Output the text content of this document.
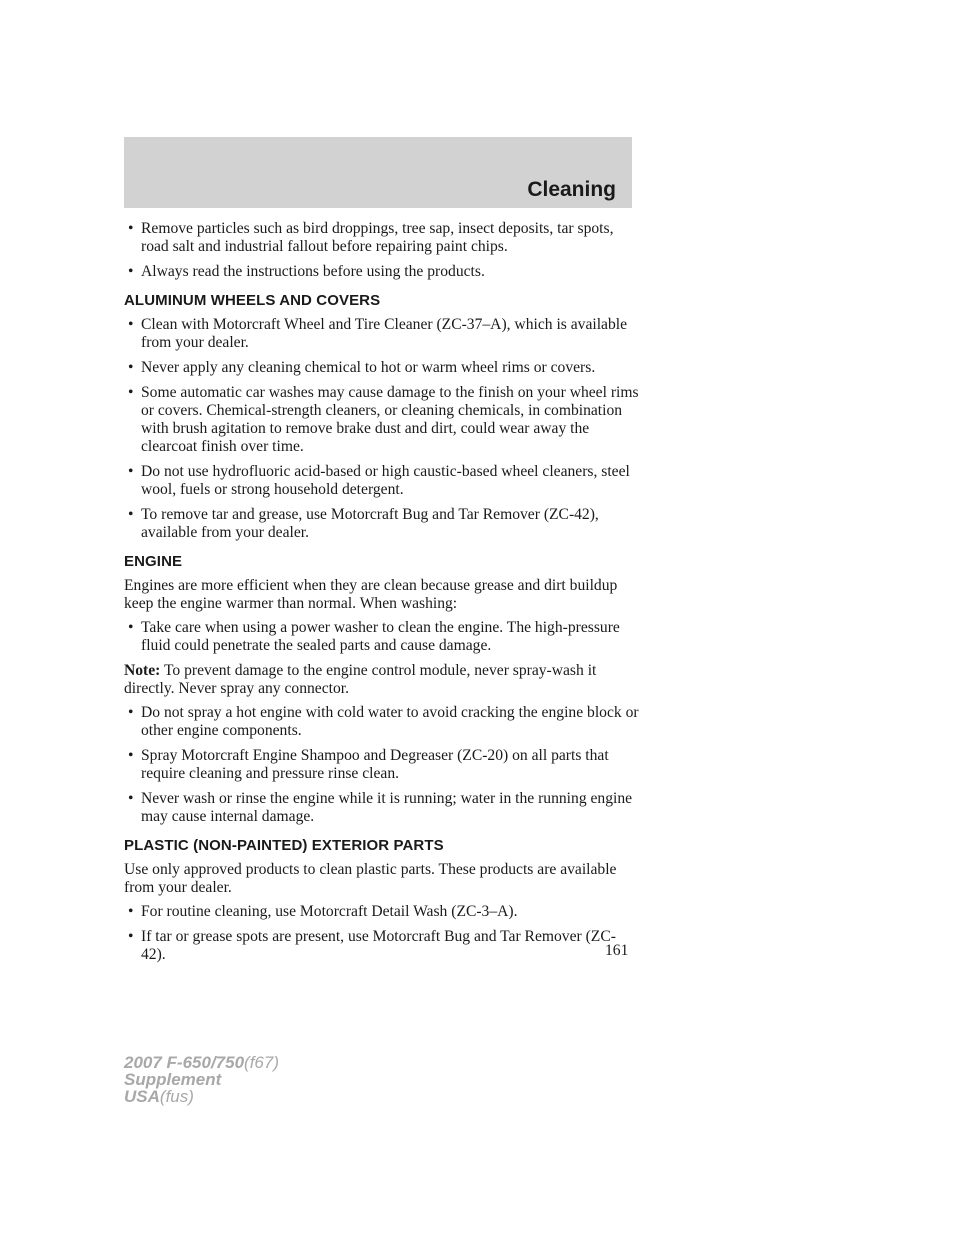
Cleaning
• Remove particles such as bird droppings, tree sap, insect deposits, tar spots, road salt and industrial fallout before repairing paint chips.
• Always read the instructions before using the products.
ALUMINUM WHEELS AND COVERS
• Clean with Motorcraft Wheel and Tire Cleaner (ZC-37–A), which is available from your dealer.
• Never apply any cleaning chemical to hot or warm wheel rims or covers.
• Some automatic car washes may cause damage to the finish on your wheel rims or covers. Chemical-strength cleaners, or cleaning chemicals, in combination with brush agitation to remove brake dust and dirt, could wear away the clearcoat finish over time.
• Do not use hydrofluoric acid-based or high caustic-based wheel cleaners, steel wool, fuels or strong household detergent.
• To remove tar and grease, use Motorcraft Bug and Tar Remover (ZC-42), available from your dealer.
ENGINE

Engines are more efficient when they are clean because grease and dirt buildup keep the engine warmer than normal. When washing:

• Take care when using a power washer to clean the engine. The high-pressure fluid could penetrate the sealed parts and cause damage.

Note: To prevent damage to the engine control module, never spray-wash it directly. Never spray any connector.

• Do not spray a hot engine with cold water to avoid cracking the engine block or other engine components.
• Spray Motorcraft Engine Shampoo and Degreaser (ZC-20) on all parts that require cleaning and pressure rinse clean.
• Never wash or rinse the engine while it is running; water in the running engine may cause internal damage.
PLASTIC (NON-PAINTED) EXTERIOR PARTS

Use only approved products to clean plastic parts. These products are available from your dealer.

• For routine cleaning, use Motorcraft Detail Wash (ZC-3–A).
• If tar or grease spots are present, use Motorcraft Bug and Tar Remover (ZC-42).	161
2007 F-650/750(f67)
Supplement
USA(fus)
